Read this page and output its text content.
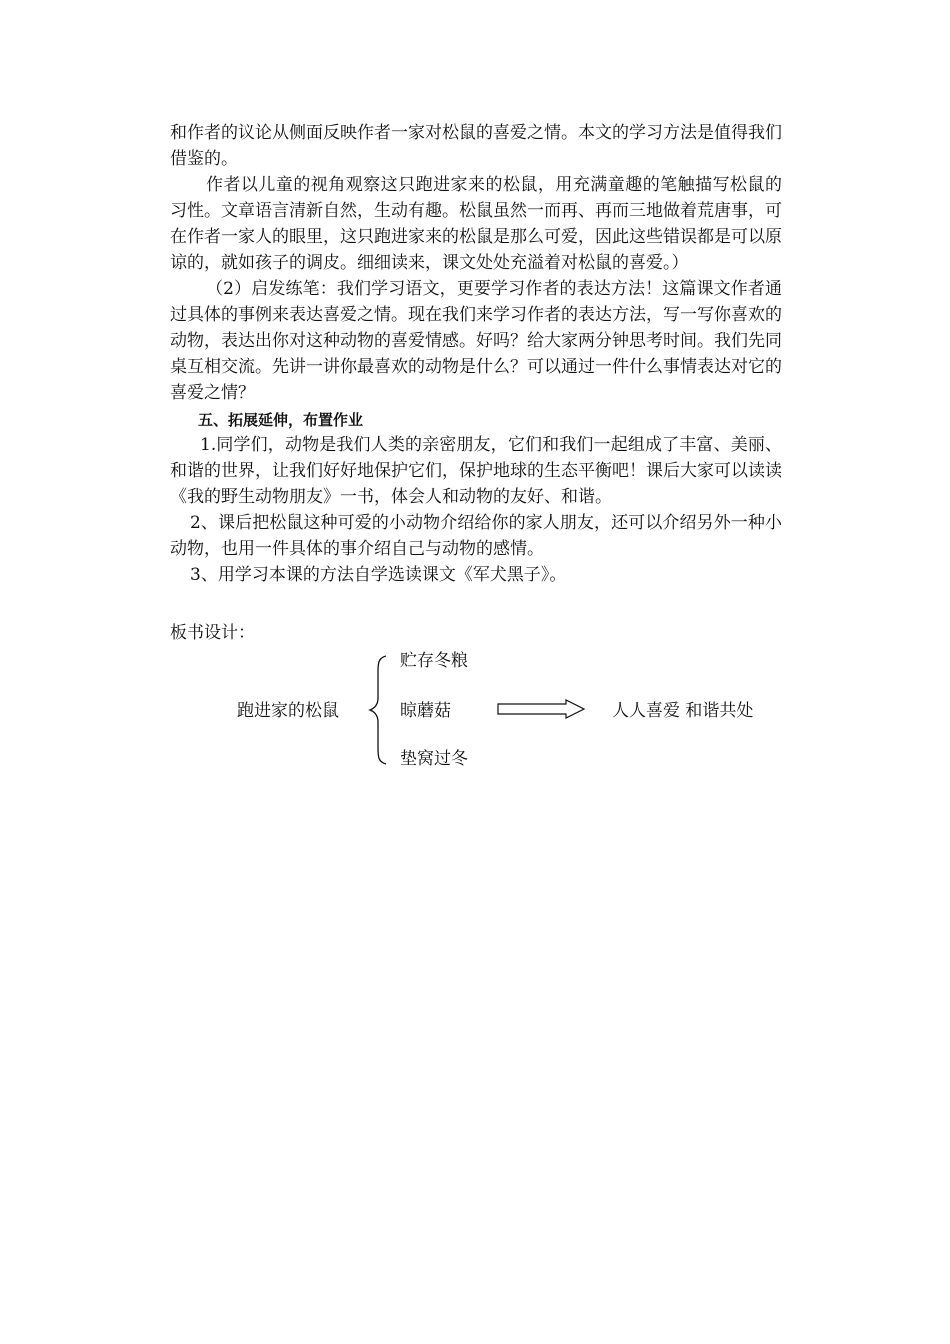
和作者的议论从侧面反映作者一家对松鼠的喜爱之情。本文的学习方法是值得我们借鉴的。

作者以儿童的视角观察这只跑进家来的松鼠，用充满童趣的笔触描写松鼠的习性。文章语言清新自然，生动有趣。松鼠虽然一而再、再而三地做着荒唐事，可在作者一家人的眼里，这只跑进家来的松鼠是那么可爱，因此这些错误都是可以原谅的，就如孩子的调皮。细细读来，课文处处充溢着对松鼠的喜爱。）

（2）启发练笔：我们学习语文，更要学习作者的表达方法！这篇课文作者通过具体的事例来表达喜爱之情。现在我们来学习作者的表达方法，写一写你喜欢的动物，表达出你对这种动物的喜爱情感。好吗？给大家两分钟思考时间。我们先同桌互相交流。先讲一讲你最喜欢的动物是什么？可以通过一件什么事情表达对它的喜爱之情？

五、拓展延伸，布置作业

1.同学们，动物是我们人类的亲密朋友，它们和我们一起组成了丰富、美丽、和谐的世界，让我们好好地保护它们，保护地球的生态平衡吧！课后大家可以读读《我的野生动物朋友》一书，体会人和动物的友好、和谐。

2、课后把松鼠这种可爱的小动物介绍给你的家人朋友，还可以介绍另外一种小动物，也用一件具体的事介绍自己与动物的感情。

3、用学习本课的方法自学选读课文《军犬黑子》。

板书设计：
跑进家的松鼠
贮存冬粮
晾蘑菇
垫窝过冬
人人喜爱 和谐共处
